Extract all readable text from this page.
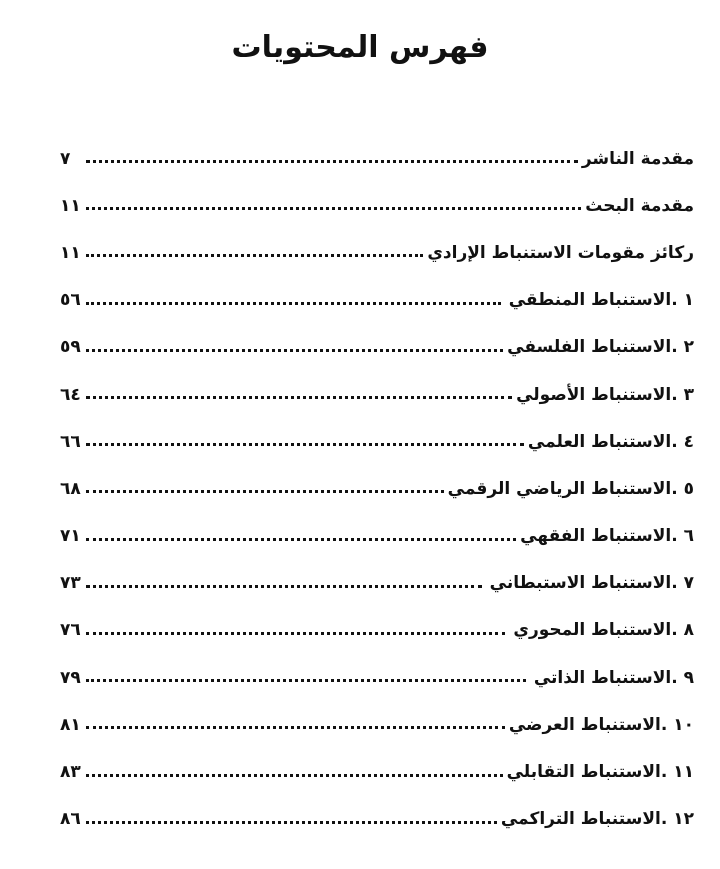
فهرس المحتويات
مقدمة الناشر
٧
مقدمة البحث
١١
ركائز مقومات الاستنباط الإرادي
١١
١ .الاستنباط المنطقي
٥٦
٢ .الاستنباط الفلسفي
٥٩
٣ .الاستنباط الأصولي
٦٤
٤ .الاستنباط العلمي
٦٦
٥ .الاستنباط الرياضي الرقمي
٦٨
٦ .الاستنباط الفقهي
٧١
٧ .الاستنباط الاستبطاني
٧٣
٨ .الاستنباط المحوري
٧٦
٩ .الاستنباط الذاتي
٧٩
١٠ .الاستنباط العرضي
٨١
١١ .الاستنباط التقابلي
٨٣
١٢ .الاستنباط التراكمي
٨٦
